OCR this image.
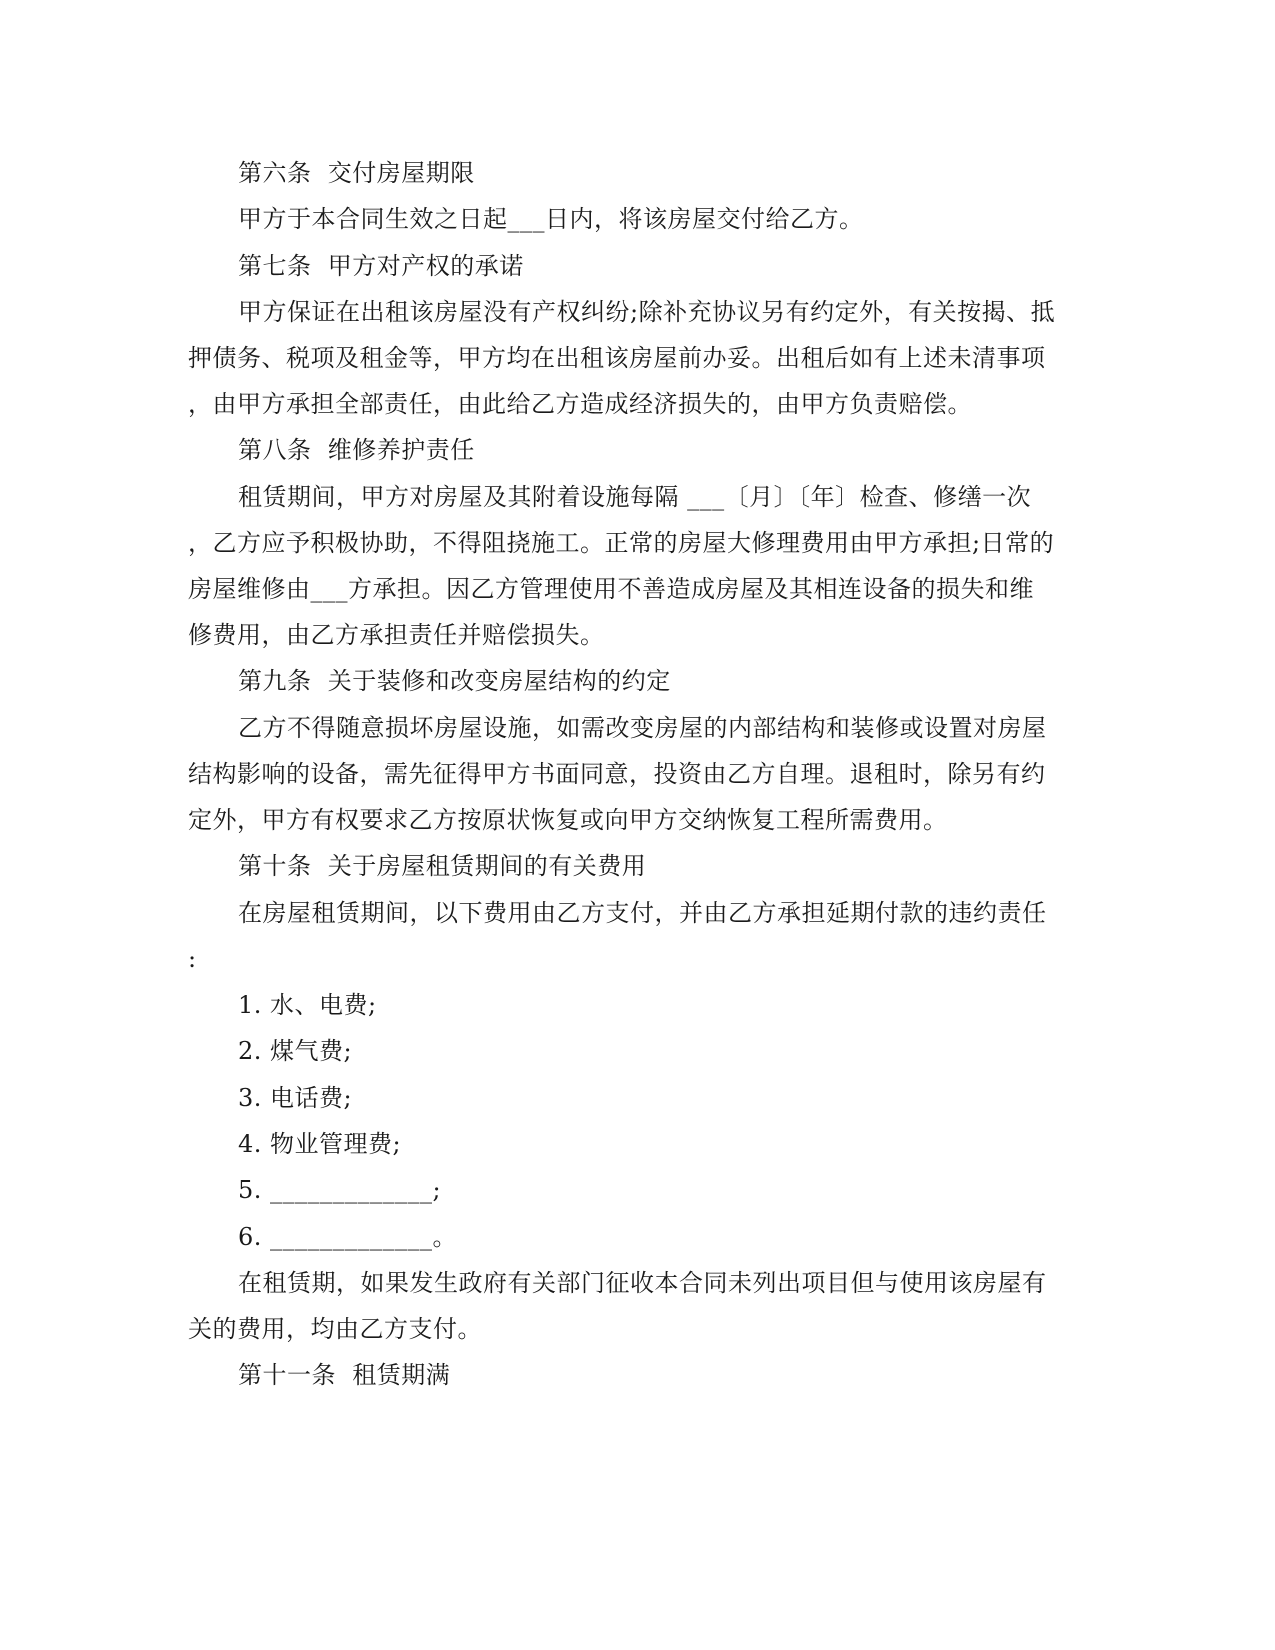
第六条  交付房屋期限
甲方于本合同生效之日起___日内，将该房屋交付给乙方。
第七条  甲方对产权的承诺
甲方保证在出租该房屋没有产权纠纷;除补充协议另有约定外，有关按揭、抵
押债务、税项及租金等，甲方均在出租该房屋前办妥。出租后如有上述未清事项
，由甲方承担全部责任，由此给乙方造成经济损失的，由甲方负责赔偿。
第八条  维修养护责任
租赁期间，甲方对房屋及其附着设施每隔 ___〔月〕〔年〕检查、修缮一次
，乙方应予积极协助，不得阻挠施工。正常的房屋大修理费用由甲方承担;日常的
房屋维修由___方承担。因乙方管理使用不善造成房屋及其相连设备的损失和维
修费用，由乙方承担责任并赔偿损失。
第九条  关于装修和改变房屋结构的约定
乙方不得随意损坏房屋设施，如需改变房屋的内部结构和装修或设置对房屋
结构影响的设备，需先征得甲方书面同意，投资由乙方自理。退租时，除另有约
定外，甲方有权要求乙方按原状恢复或向甲方交纳恢复工程所需费用。
第十条  关于房屋租赁期间的有关费用
在房屋租赁期间，以下费用由乙方支付，并由乙方承担延期付款的违约责任
:
1. 水、电费;
2. 煤气费;
3. 电话费;
4. 物业管理费;
5. _____________;
6. _____________。
在租赁期，如果发生政府有关部门征收本合同未列出项目但与使用该房屋有
关的费用，均由乙方支付。
第十一条  租赁期满
